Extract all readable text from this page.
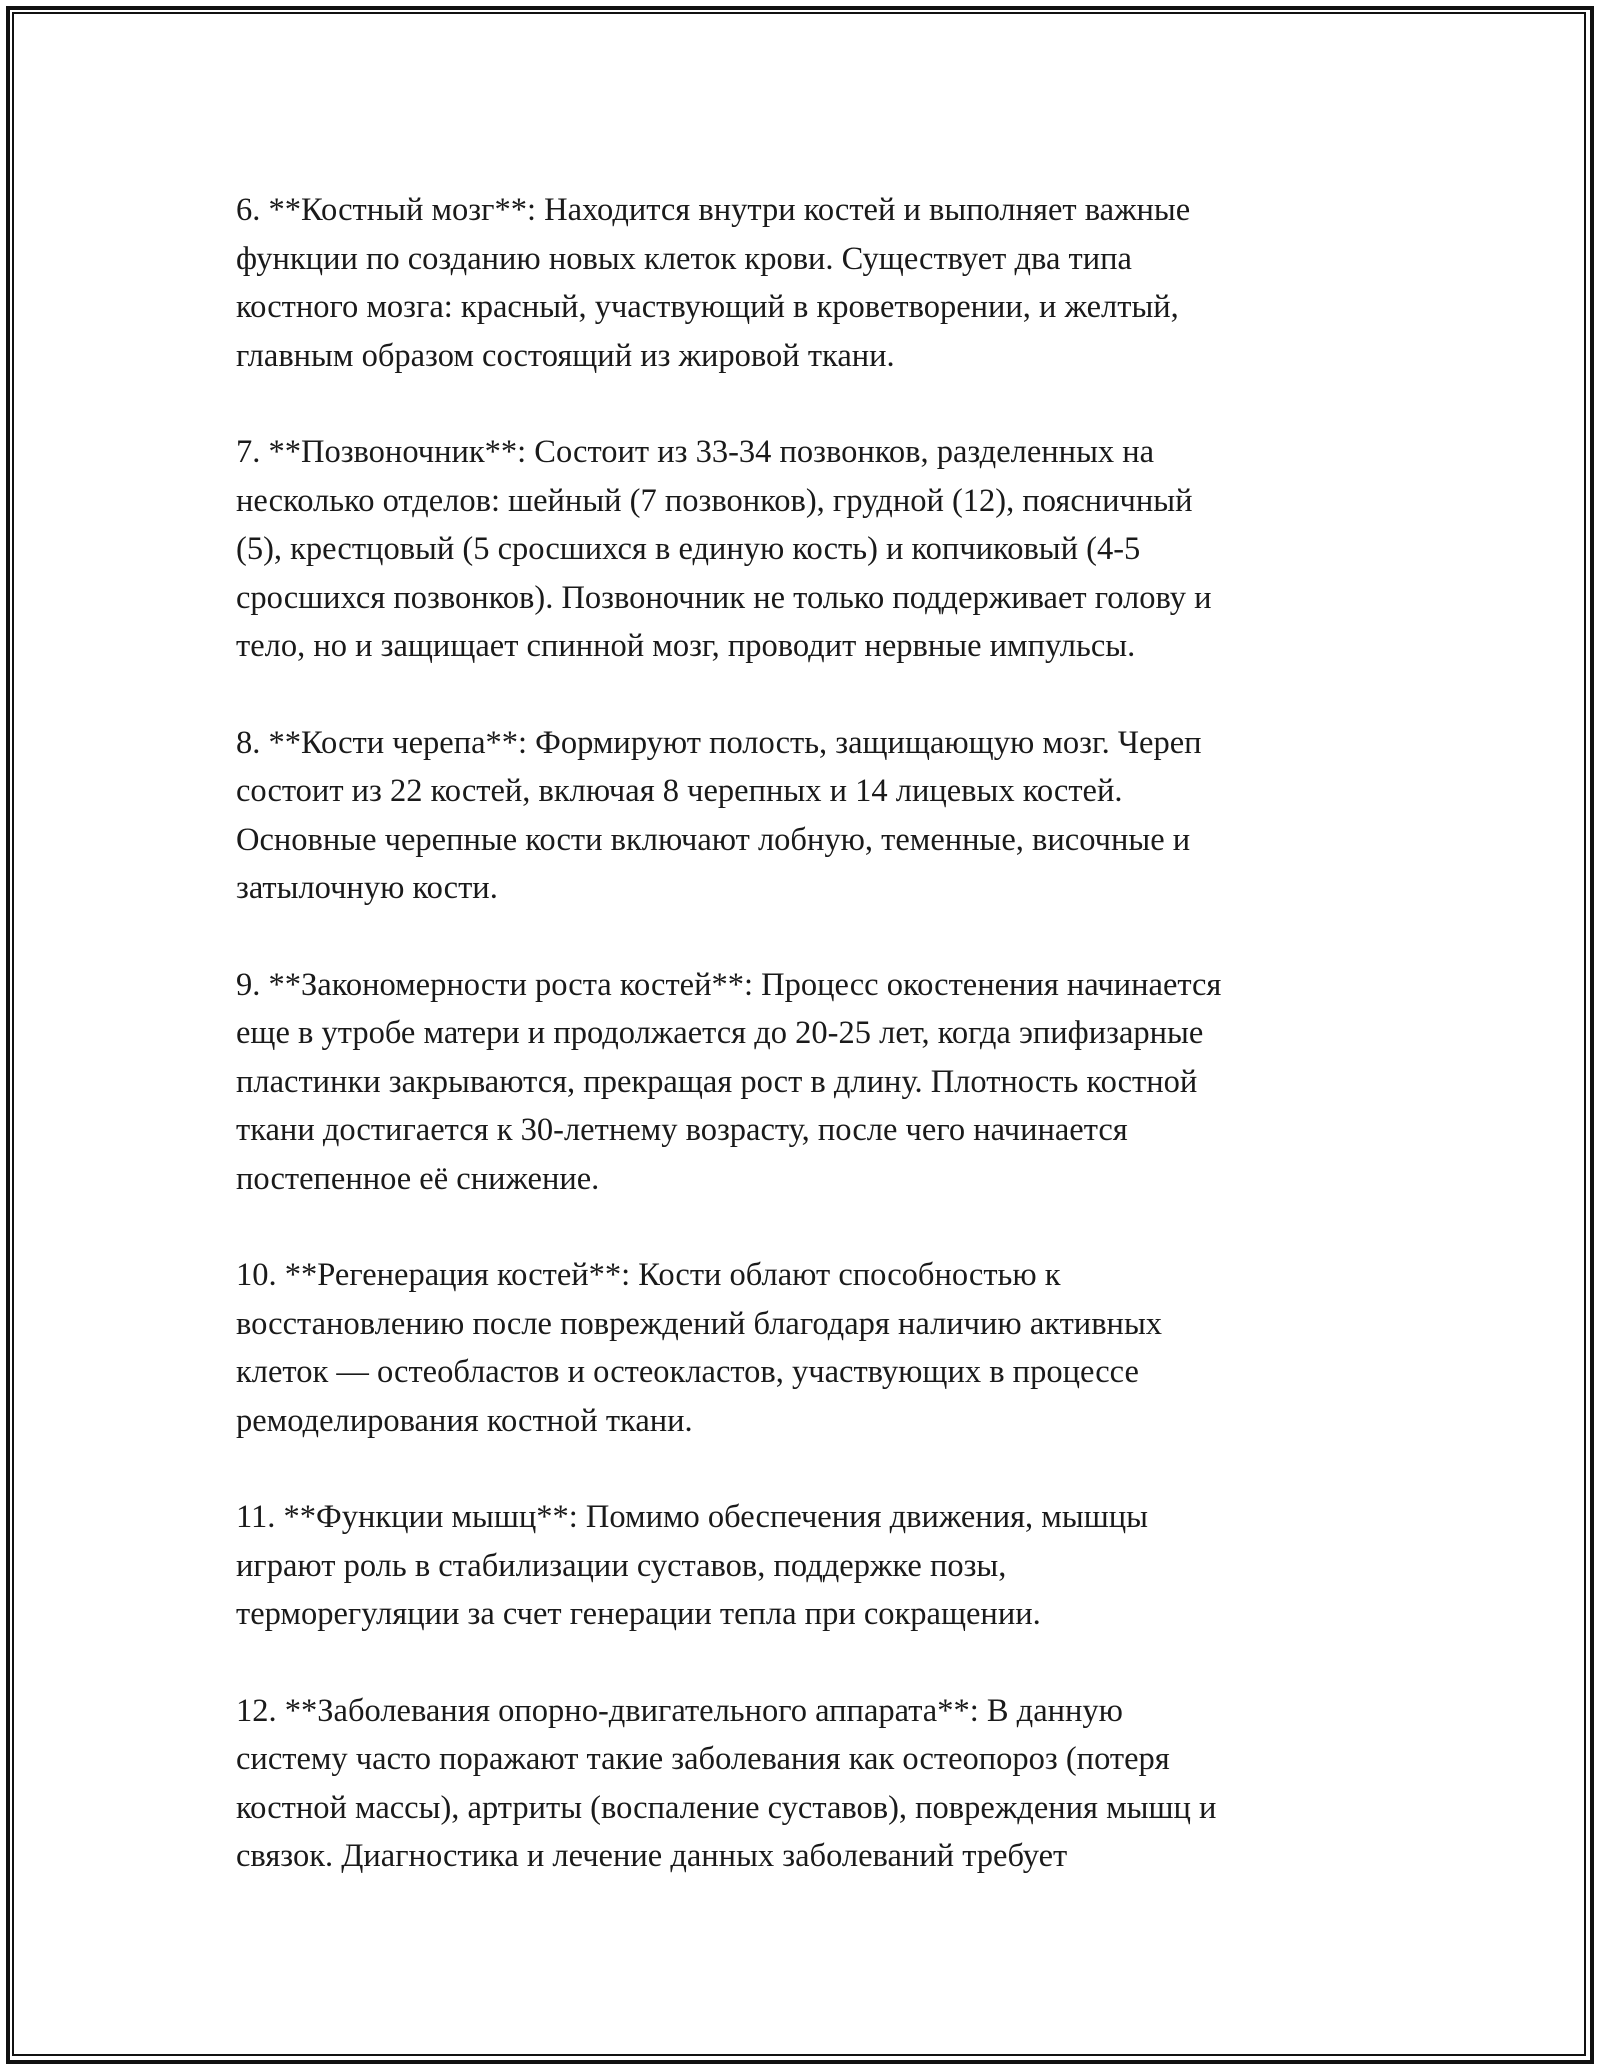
6. **Костный мозг**: Находится внутри костей и выполняет важные
функции по созданию новых клеток крови. Существует два типа
костного мозга: красный, участвующий в кроветворении, и желтый,
главным образом состоящий из жировой ткани.

7. **Позвоночник**: Состоит из 33-34 позвонков, разделенных на
несколько отделов: шейный (7 позвонков), грудной (12), поясничный
(5), крестцовый (5 сросшихся в единую кость) и копчиковый (4-5
сросшихся позвонков). Позвоночник не только поддерживает голову и
тело, но и защищает спинной мозг, проводит нервные импульсы.

8. **Кости черепа**: Формируют полость, защищающую мозг. Череп
состоит из 22 костей, включая 8 черепных и 14 лицевых костей.
Основные черепные кости включают лобную, теменные, височные и
затылочную кости.

9. **Закономерности роста костей**: Процесс окостенения начинается
еще в утробе матери и продолжается до 20-25 лет, когда эпифизарные
пластинки закрываются, прекращая рост в длину. Плотность костной
ткани достигается к 30-летнему возрасту, после чего начинается
постепенное её снижение.

10. **Регенерация костей**: Кости облают способностью к
восстановлению после повреждений благодаря наличию активных
клеток — остеобластов и остеокластов, участвующих в процессе
ремоделирования костной ткани.

11. **Функции мышц**: Помимо обеспечения движения, мышцы
играют роль в стабилизации суставов, поддержке позы,
терморегуляции за счет генерации тепла при сокращении.

12. **Заболевания опорно-двигательного аппарата**: В данную
систему часто поражают такие заболевания как остеопороз (потеря
костной массы), артриты (воспаление суставов), повреждения мышц и
связок. Диагностика и лечение данных заболеваний требует
